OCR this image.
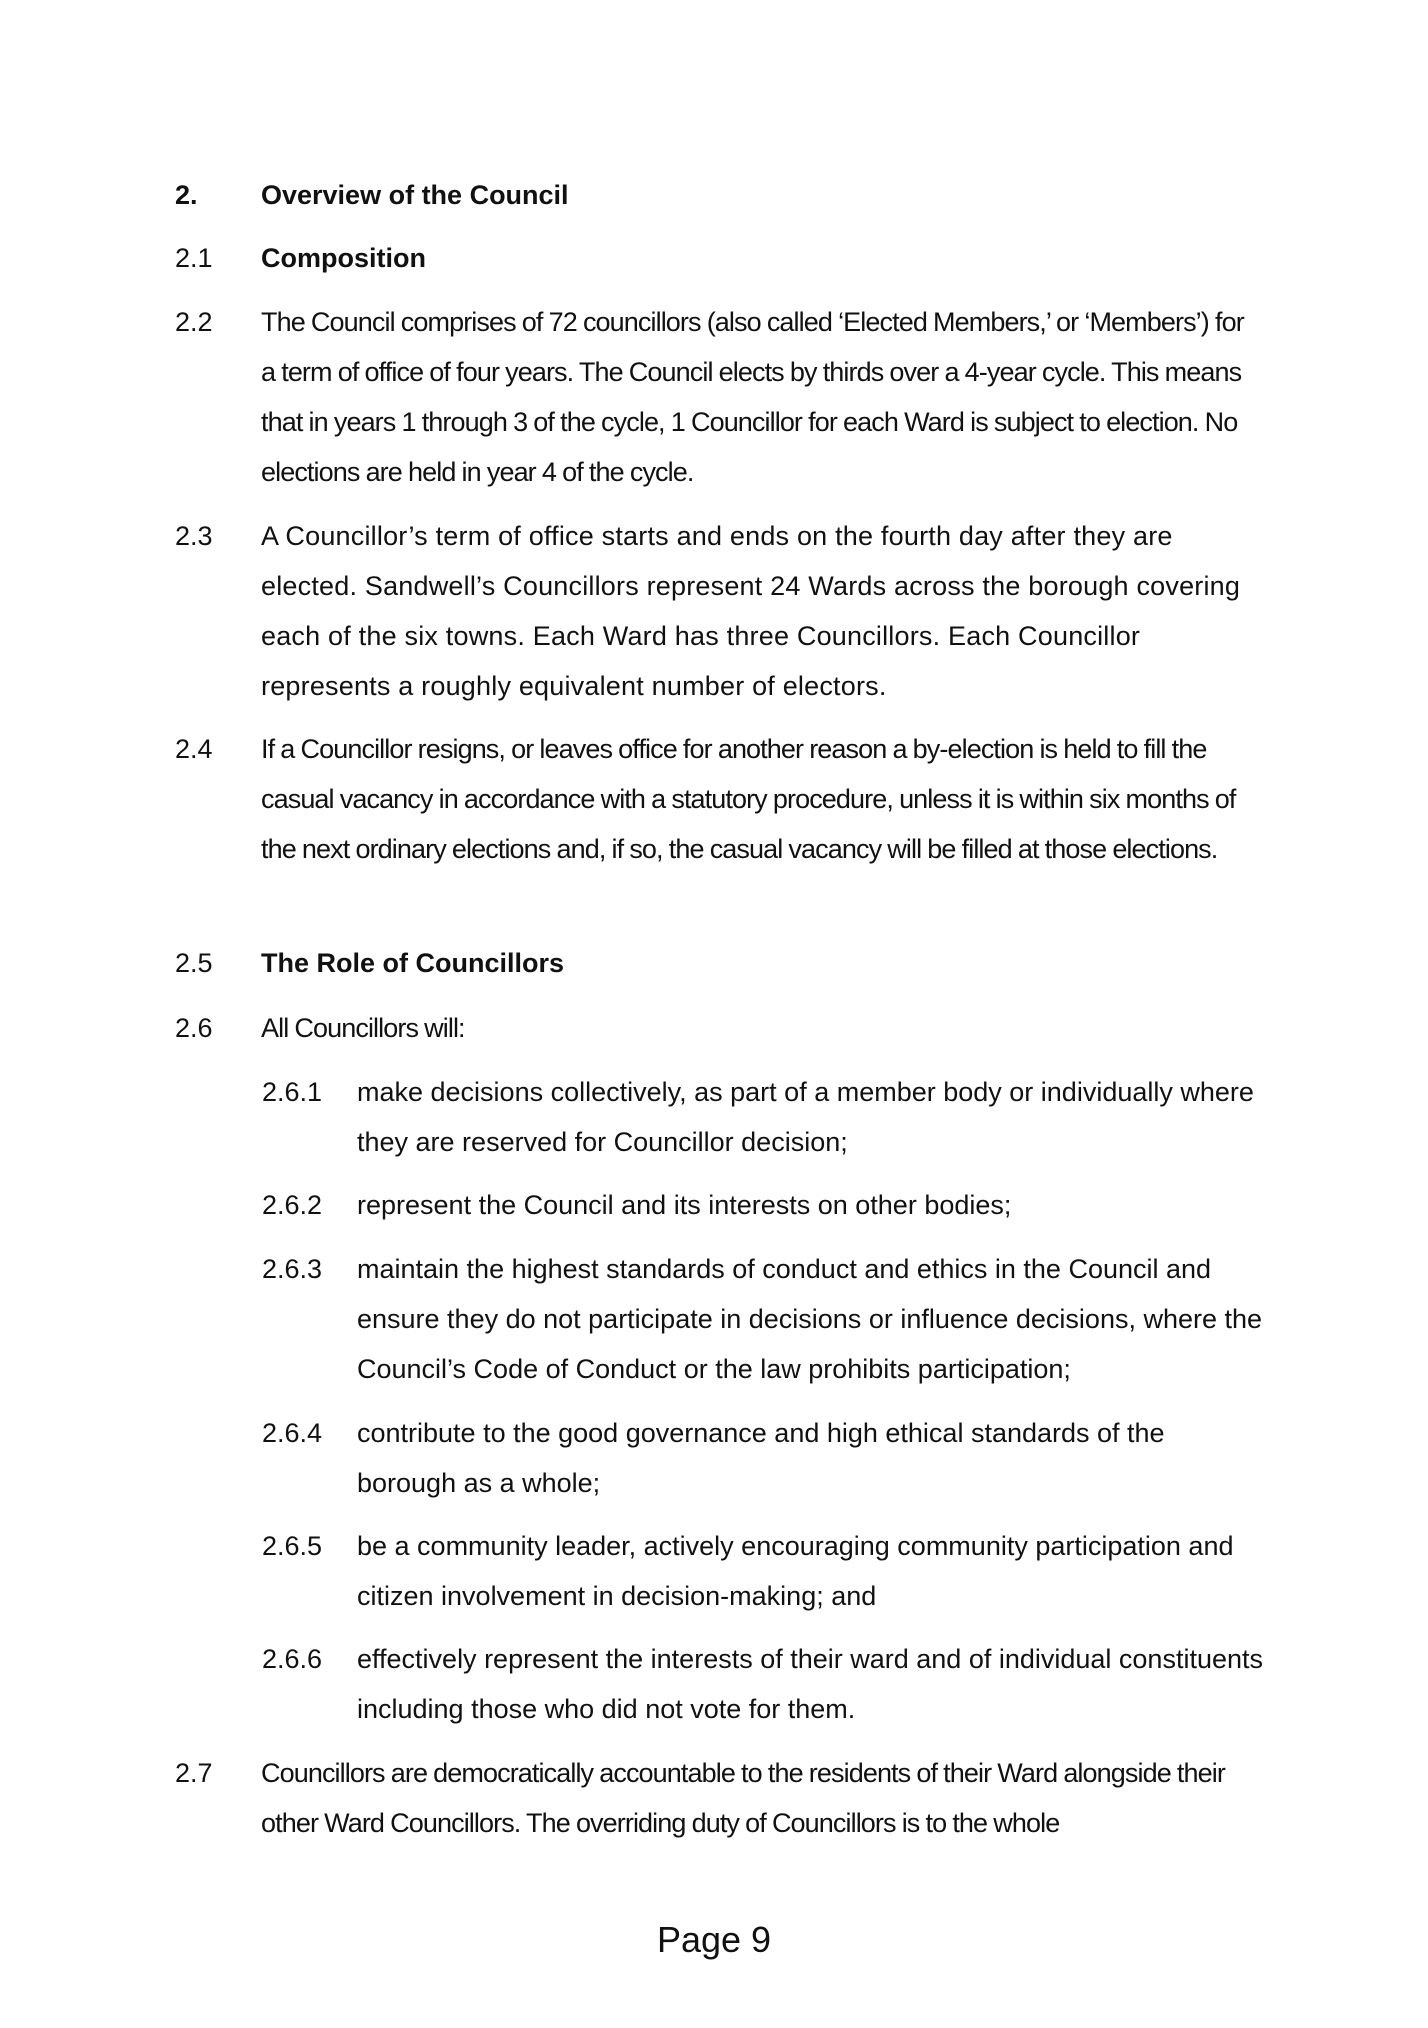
2. Overview of the Council
2.1 Composition
2.2 The Council comprises of 72 councillors (also called ‘Elected Members,’ or ‘Members’) for a term of office of four years. The Council elects by thirds over a 4-year cycle. This means that in years 1 through 3 of the cycle, 1 Councillor for each Ward is subject to election. No elections are held in year 4 of the cycle.
2.3 A Councillor’s term of office starts and ends on the fourth day after they are elected. Sandwell’s Councillors represent 24 Wards across the borough covering each of the six towns. Each Ward has three Councillors. Each Councillor represents a roughly equivalent number of electors.
2.4 If a Councillor resigns, or leaves office for another reason a by-election is held to fill the casual vacancy in accordance with a statutory procedure, unless it is within six months of the next ordinary elections and, if so, the casual vacancy will be filled at those elections.
2.5 The Role of Councillors
2.6 All Councillors will:
2.6.1 make decisions collectively, as part of a member body or individually where they are reserved for Councillor decision;
2.6.2 represent the Council and its interests on other bodies;
2.6.3 maintain the highest standards of conduct and ethics in the Council and ensure they do not participate in decisions or influence decisions, where the Council’s Code of Conduct or the law prohibits participation;
2.6.4 contribute to the good governance and high ethical standards of the borough as a whole;
2.6.5 be a community leader, actively encouraging community participation and citizen involvement in decision-making; and
2.6.6 effectively represent the interests of their ward and of individual constituents including those who did not vote for them.
2.7 Councillors are democratically accountable to the residents of their Ward alongside their other Ward Councillors. The overriding duty of Councillors is to the whole
Page 9
